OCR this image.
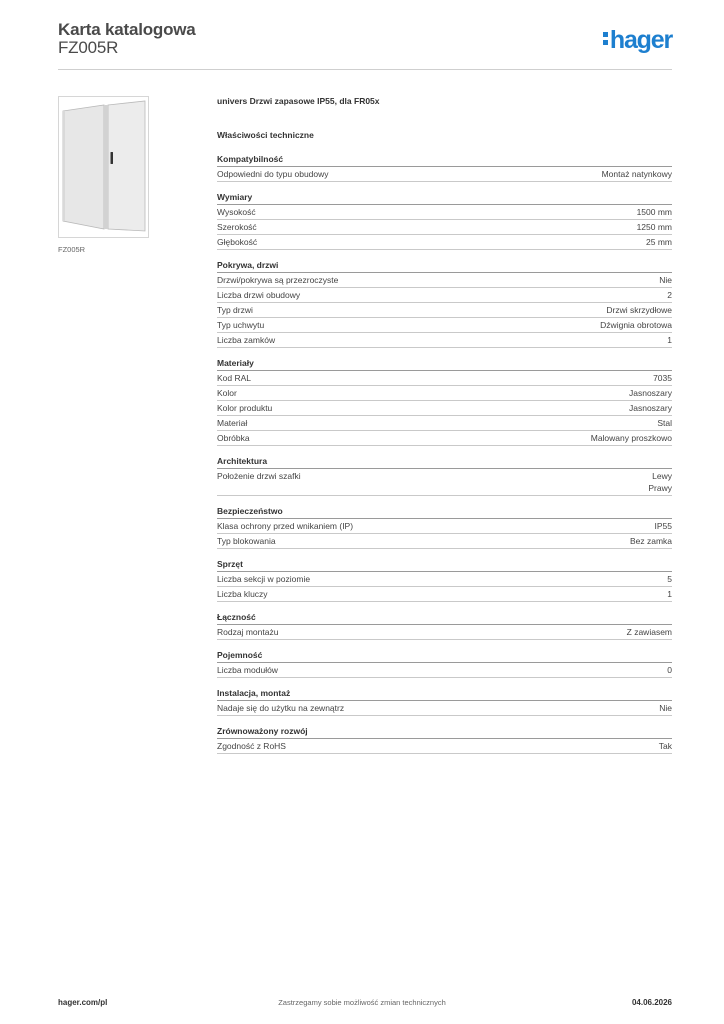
Karta katalogowa
FZ005R	hager
FZ005R
univers Drzwi zapasowe IP55, dla FR05x
Właściwości techniczne
Kompatybilność
Odpowiedni do typu obudowy	Montaż natynkowy
Wymiary
Wysokość	1500 mm
Szerokość	1250 mm
Głębokość	25 mm
Pokrywa, drzwi
Drzwi/pokrywa są przezroczyste	Nie
Liczba drzwi obudowy	2
Typ drzwi	Drzwi skrzydłowe
Typ uchwytu	Dźwignia obrotowa
Liczba zamków	1
Materiały
Kod RAL	7035
Kolor	Jasnoszary
Kolor produktu	Jasnoszary
Materiał	Stal
Obróbka	Malowany proszkowo
Architektura
Położenie drzwi szafki	Lewy
Prawy
Bezpieczeństwo
Klasa ochrony przed wnikaniem (IP)	IP55
Typ blokowania	Bez zamka
Sprzęt
Liczba sekcji w poziomie	5
Liczba kluczy	1
Łączność
Rodzaj montażu	Z zawiasem
Pojemność
Liczba modułów	0
Instalacja, montaż
Nadaje się do użytku na zewnątrz	Nie
Zrównoważony rozwój
Zgodność z RoHS	Tak
hager.com/pl	Zastrzegamy sobie możliwość zmian technicznych	04.06.2026
